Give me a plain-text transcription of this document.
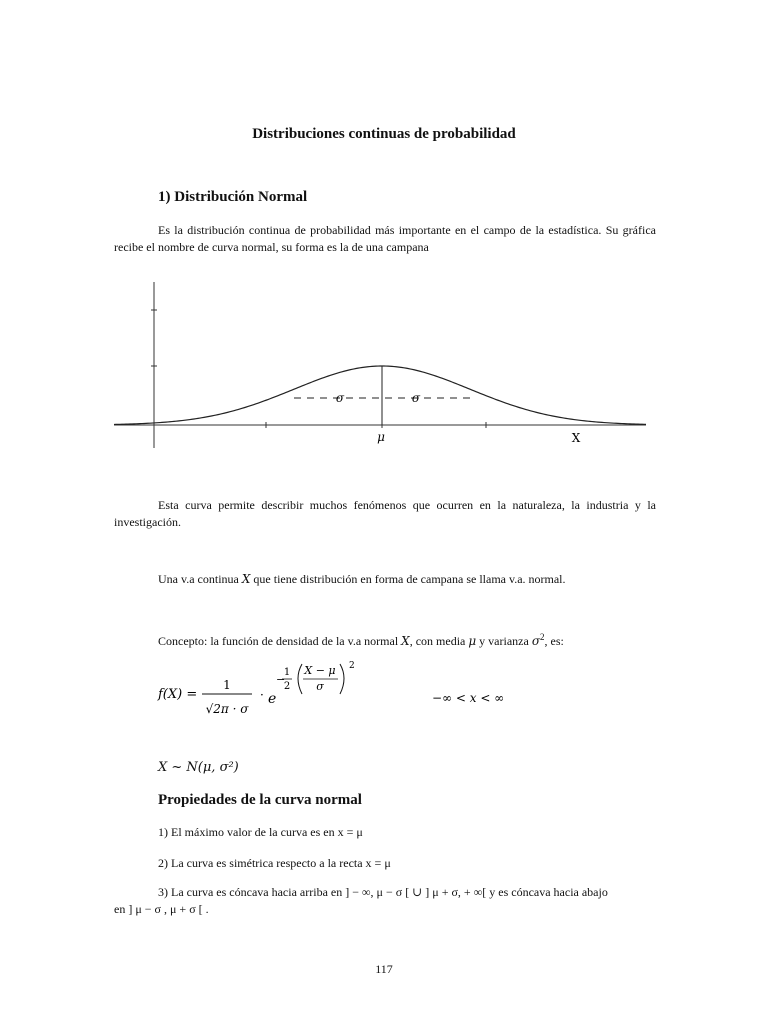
Distribuciones continuas de probabilidad
1) Distribución Normal
Es la distribución continua de probabilidad más importante en el campo de la estadística. Su gráfica recibe el nombre de curva normal, su forma es la de una campana
σ	σ
μ	X
Esta curva permite describir muchos fenómenos que ocurren en la naturaleza, la industria y la investigación.
Una v.a continua X que tiene distribución en forma de campana se llama v.a. normal.
Concepto: la función de densidad de la v.a normal X, con media μ y varianza $\sigma^2$, es:
f(X) =
1
√2π · σ
· e
−
1
2
X − μ
σ
2
−∞ < x < ∞
X ~ N(μ, σ²)
Propiedades de la curva normal
1) El máximo valor de la curva es en x = μ
2) La curva es simétrica respecto a la recta x = μ
3) La curva es cóncava hacia arriba en ] − ∞, μ − σ [ ∪ ] μ + σ, + ∞[ y es cóncava hacia abajo
en ] μ − σ , μ + σ [ .
117
